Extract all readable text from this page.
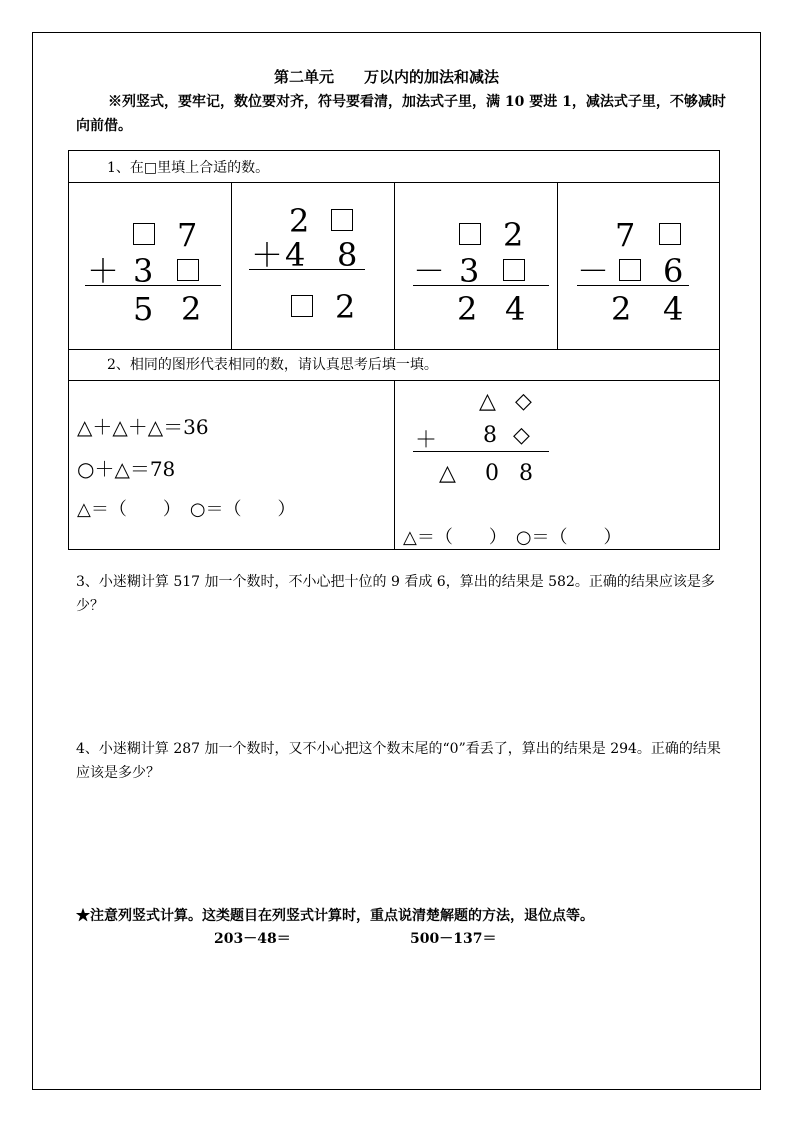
第二单元 万以内的加法和减法
※列竖式，要牢记，数位要对齐，符号要看清，加法式子里，满 10 要进 1，减法式子里，不够减时向前借。
1、在□里填上合适的数。
7
＋ 3
5 2
2
＋ 4 8
2
2
－ 3
2 4
7
－ 6
2 4
2、相同的图形代表相同的数，请认真思考后填一填。
△＋△＋△＝36
○＋△＝78
△＝（　　）　○＝（　　）
△ ◇
＋ 8 ◇
△ 0 8
△＝（　　）　○＝（　　）
3、小迷糊计算 517 加一个数时，不小心把十位的 9 看成 6，算出的结果是 582。正确的结果应该是多少？
4、小迷糊计算 287 加一个数时，又不小心把这个数末尾的“0”看丢了，算出的结果是 294。正确的结果应该是多少？
★注意列竖式计算。这类题目在列竖式计算时，重点说清楚解题的方法，退位点等。
203－48＝	500－137＝
